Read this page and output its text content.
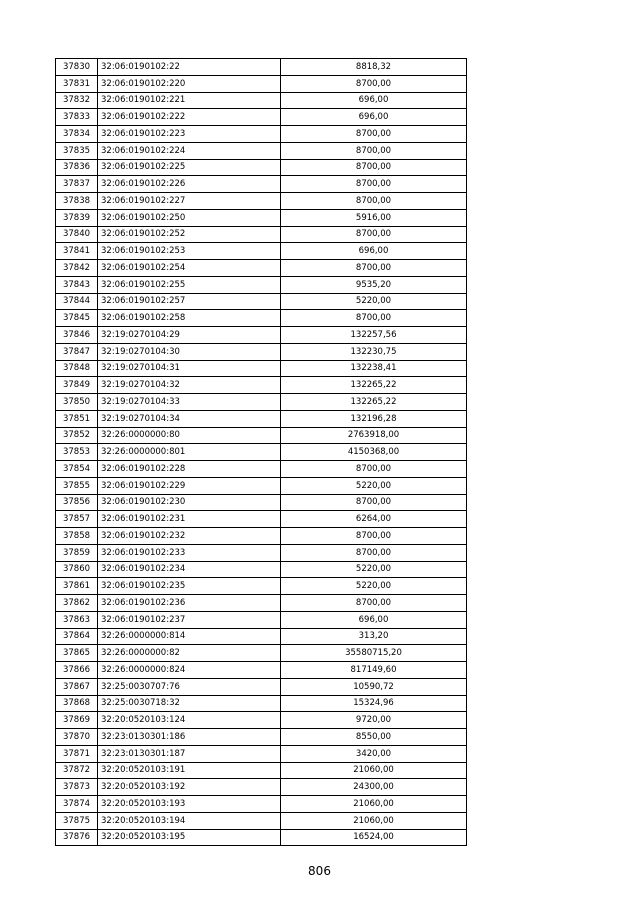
37830	32:06:0190102:22	8818,32
37831	32:06:0190102:220	8700,00
37832	32:06:0190102:221	696,00
37833	32:06:0190102:222	696,00
37834	32:06:0190102:223	8700,00
37835	32:06:0190102:224	8700,00
37836	32:06:0190102:225	8700,00
37837	32:06:0190102:226	8700,00
37838	32:06:0190102:227	8700,00
37839	32:06:0190102:250	5916,00
37840	32:06:0190102:252	8700,00
37841	32:06:0190102:253	696,00
37842	32:06:0190102:254	8700,00
37843	32:06:0190102:255	9535,20
37844	32:06:0190102:257	5220,00
37845	32:06:0190102:258	8700,00
37846	32:19:0270104:29	132257,56
37847	32:19:0270104:30	132230,75
37848	32:19:0270104:31	132238,41
37849	32:19:0270104:32	132265,22
37850	32:19:0270104:33	132265,22
37851	32:19:0270104:34	132196,28
37852	32:26:0000000:80	2763918,00
37853	32:26:0000000:801	4150368,00
37854	32:06:0190102:228	8700,00
37855	32:06:0190102:229	5220,00
37856	32:06:0190102:230	8700,00
37857	32:06:0190102:231	6264,00
37858	32:06:0190102:232	8700,00
37859	32:06:0190102:233	8700,00
37860	32:06:0190102:234	5220,00
37861	32:06:0190102:235	5220,00
37862	32:06:0190102:236	8700,00
37863	32:06:0190102:237	696,00
37864	32:26:0000000:814	313,20
37865	32:26:0000000:82	35580715,20
37866	32:26:0000000:824	817149,60
37867	32:25:0030707:76	10590,72
37868	32:25:0030718:32	15324,96
37869	32:20:0520103:124	9720,00
37870	32:23:0130301:186	8550,00
37871	32:23:0130301:187	3420,00
37872	32:20:0520103:191	21060,00
37873	32:20:0520103:192	24300,00
37874	32:20:0520103:193	21060,00
37875	32:20:0520103:194	21060,00
37876	32:20:0520103:195	16524,00
806
